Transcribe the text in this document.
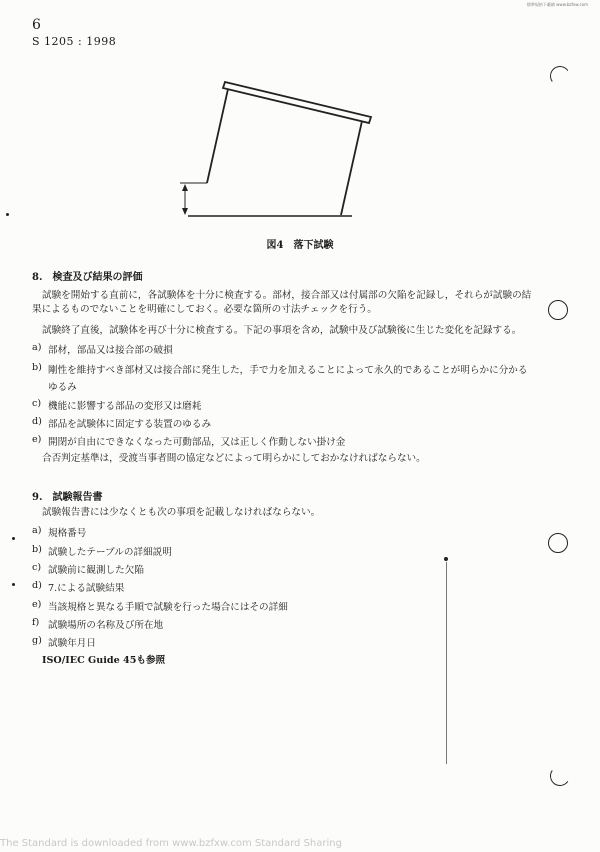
6
S 1205 : 1998
標準規格下載網 www.bzfxw.com
図4　落下試験
8.　検査及び結果の評価
試験を開始する直前に，各試験体を十分に検査する。部材，接合部又は付属部の欠陥を記録し，それらが試験の結
果によるものでないことを明確にしておく。必要な箇所の寸法チェックを行う。
試験終了直後，試験体を再び十分に検査する。下記の事項を含め，試験中及び試験後に生じた変化を記録する。
a) 部材，部品又は接合部の破損
b) 剛性を維持すべき部材又は接合部に発生した，手で力を加えることによって永久的であることが明らかに分かる
ゆるみ
c) 機能に影響する部品の変形又は磨耗
d) 部品を試験体に固定する装置のゆるみ
e) 開閉が自由にできなくなった可動部品，又は正しく作動しない掛け金
合否判定基準は，受渡当事者間の協定などによって明らかにしておかなければならない。
9.　試験報告書
試験報告書には少なくとも次の事項を記載しなければならない。
a) 規格番号
b) 試験したテーブルの詳細説明
c) 試験前に観測した欠陥
d) 7.による試験結果
e) 当該規格と異なる手順で試験を行った場合にはその詳細
f) 試験場所の名称及び所在地
g) 試験年月日
ISO/IEC Guide 45も参照
The Standard is downloaded from www.bzfxw.com Standard Sharing
